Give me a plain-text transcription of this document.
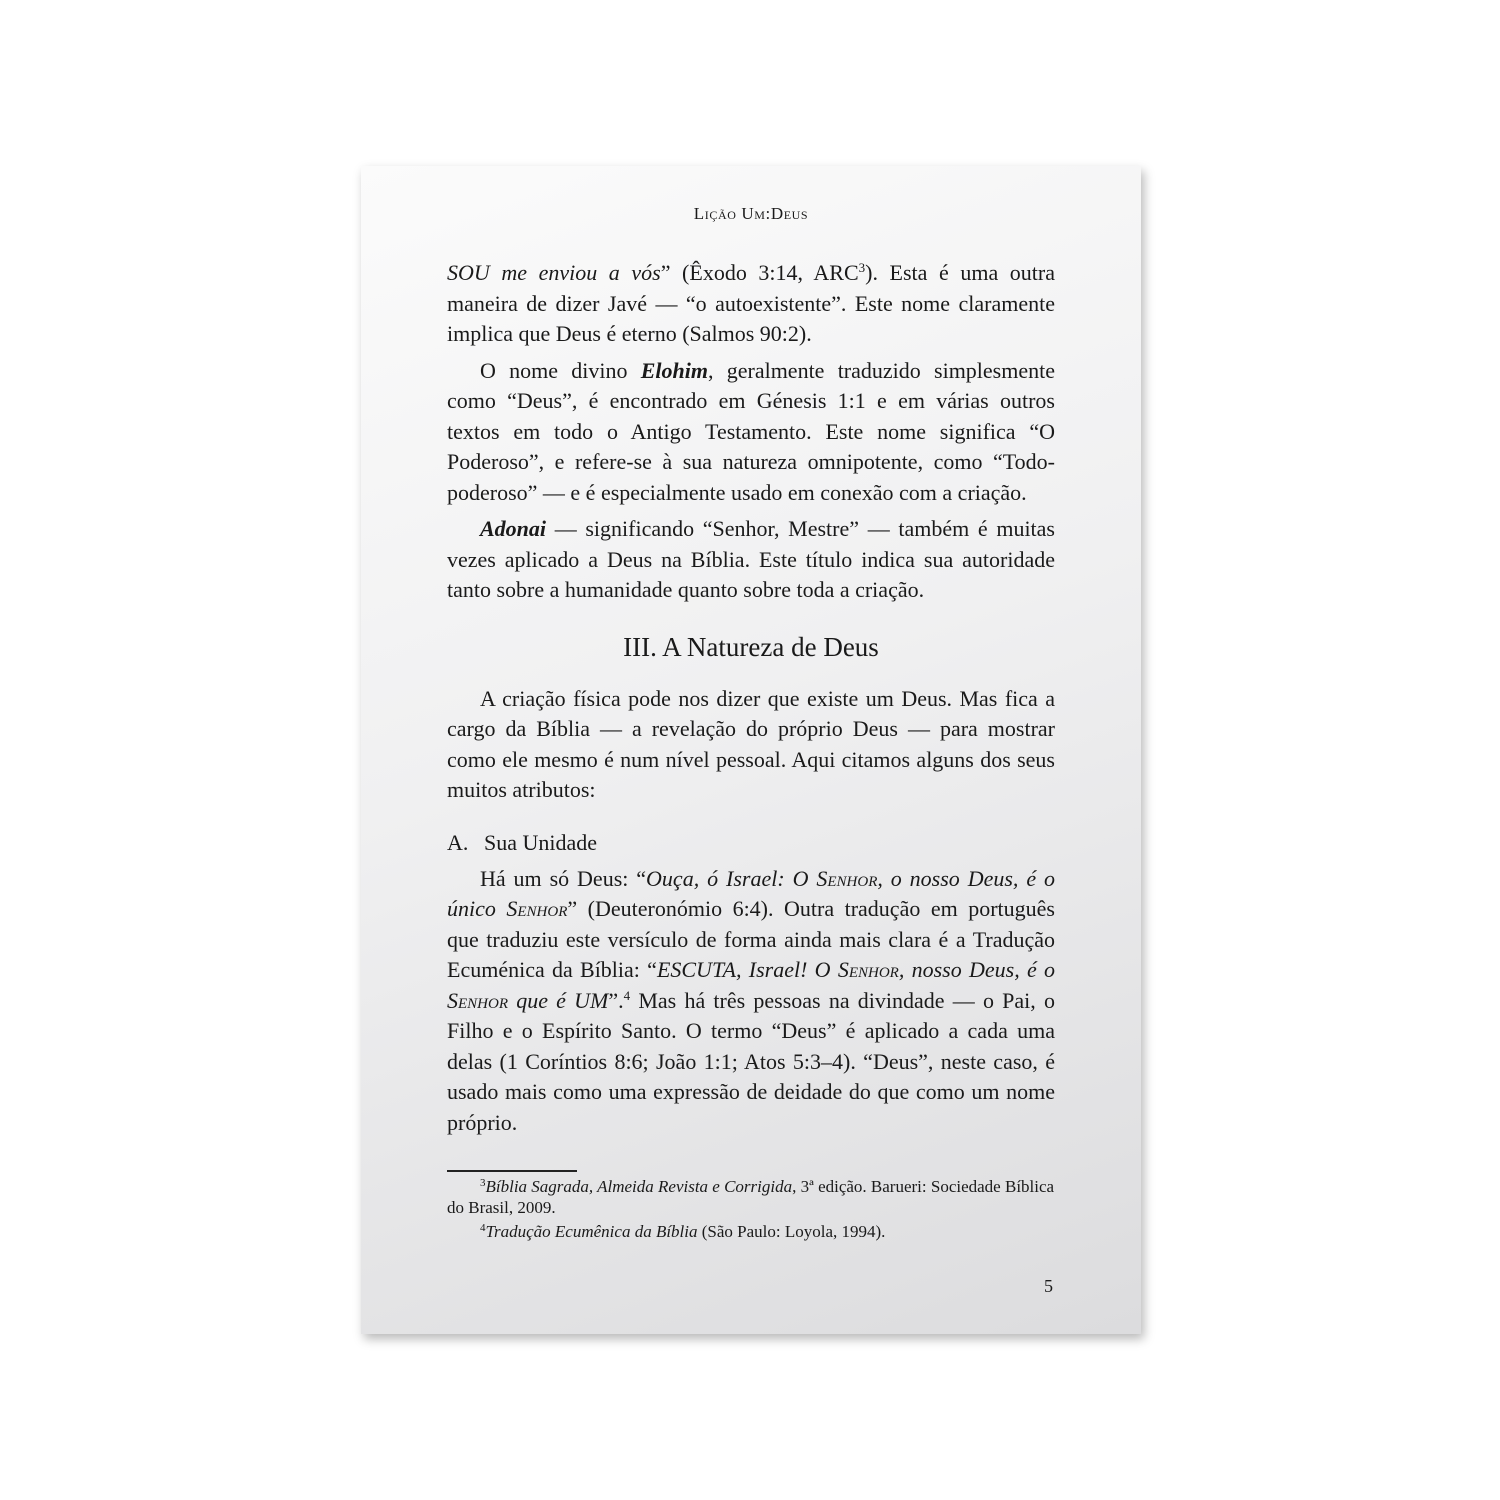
Lição Um:Deus

SOU me enviou a vós” (Êxodo 3:14, ARC$^3$). Esta é uma outra maneira de dizer Javé — “o autoexistente”. Este nome claramente implica que Deus é eterno (Salmos 90:2).

O nome divino Elohim, geralmente traduzido simplesmente como “Deus”, é encontrado em Génesis 1:1 e em várias outros textos em todo o Antigo Testamento. Este nome significa “O Poderoso”, e refere-se à sua natureza omnipotente, como “Todo-poderoso” — e é especialmente usado em conexão com a criação.

Adonai — significando “Senhor, Mestre” — também é muitas vezes aplicado a Deus na Bíblia. Este título indica sua autoridade tanto sobre a humanidade quanto sobre toda a criação.

III. A Natureza de Deus

A criação física pode nos dizer que existe um Deus. Mas fica a cargo da Bíblia — a revelação do próprio Deus — para mostrar como ele mesmo é num nível pessoal. Aqui citamos alguns dos seus muitos atributos:

A. Sua Unidade

Há um só Deus: “Ouça, ó Israel: O Senhor, o nosso Deus, é o único Senhor” (Deuteronómio 6:4). Outra tradução em português que traduziu este versículo de forma ainda mais clara é a Tradução Ecuménica da Bíblia: “ESCUTA, Israel! O Senhor, nosso Deus, é o Senhor que é UM”.$^4$ Mas há três pessoas na divindade — o Pai, o Filho e o Espírito Santo. O termo “Deus” é aplicado a cada uma delas (1 Coríntios 8:6; João 1:1; Atos 5:3–4). “Deus”, neste caso, é usado mais como uma expressão de deidade do que como um nome próprio.

$^3$Bíblia Sagrada, Almeida Revista e Corrigida, 3ª edição. Barueri: Sociedade Bíblica do Brasil, 2009.

$^4$Tradução Ecumênica da Bíblia (São Paulo: Loyola, 1994).

5
